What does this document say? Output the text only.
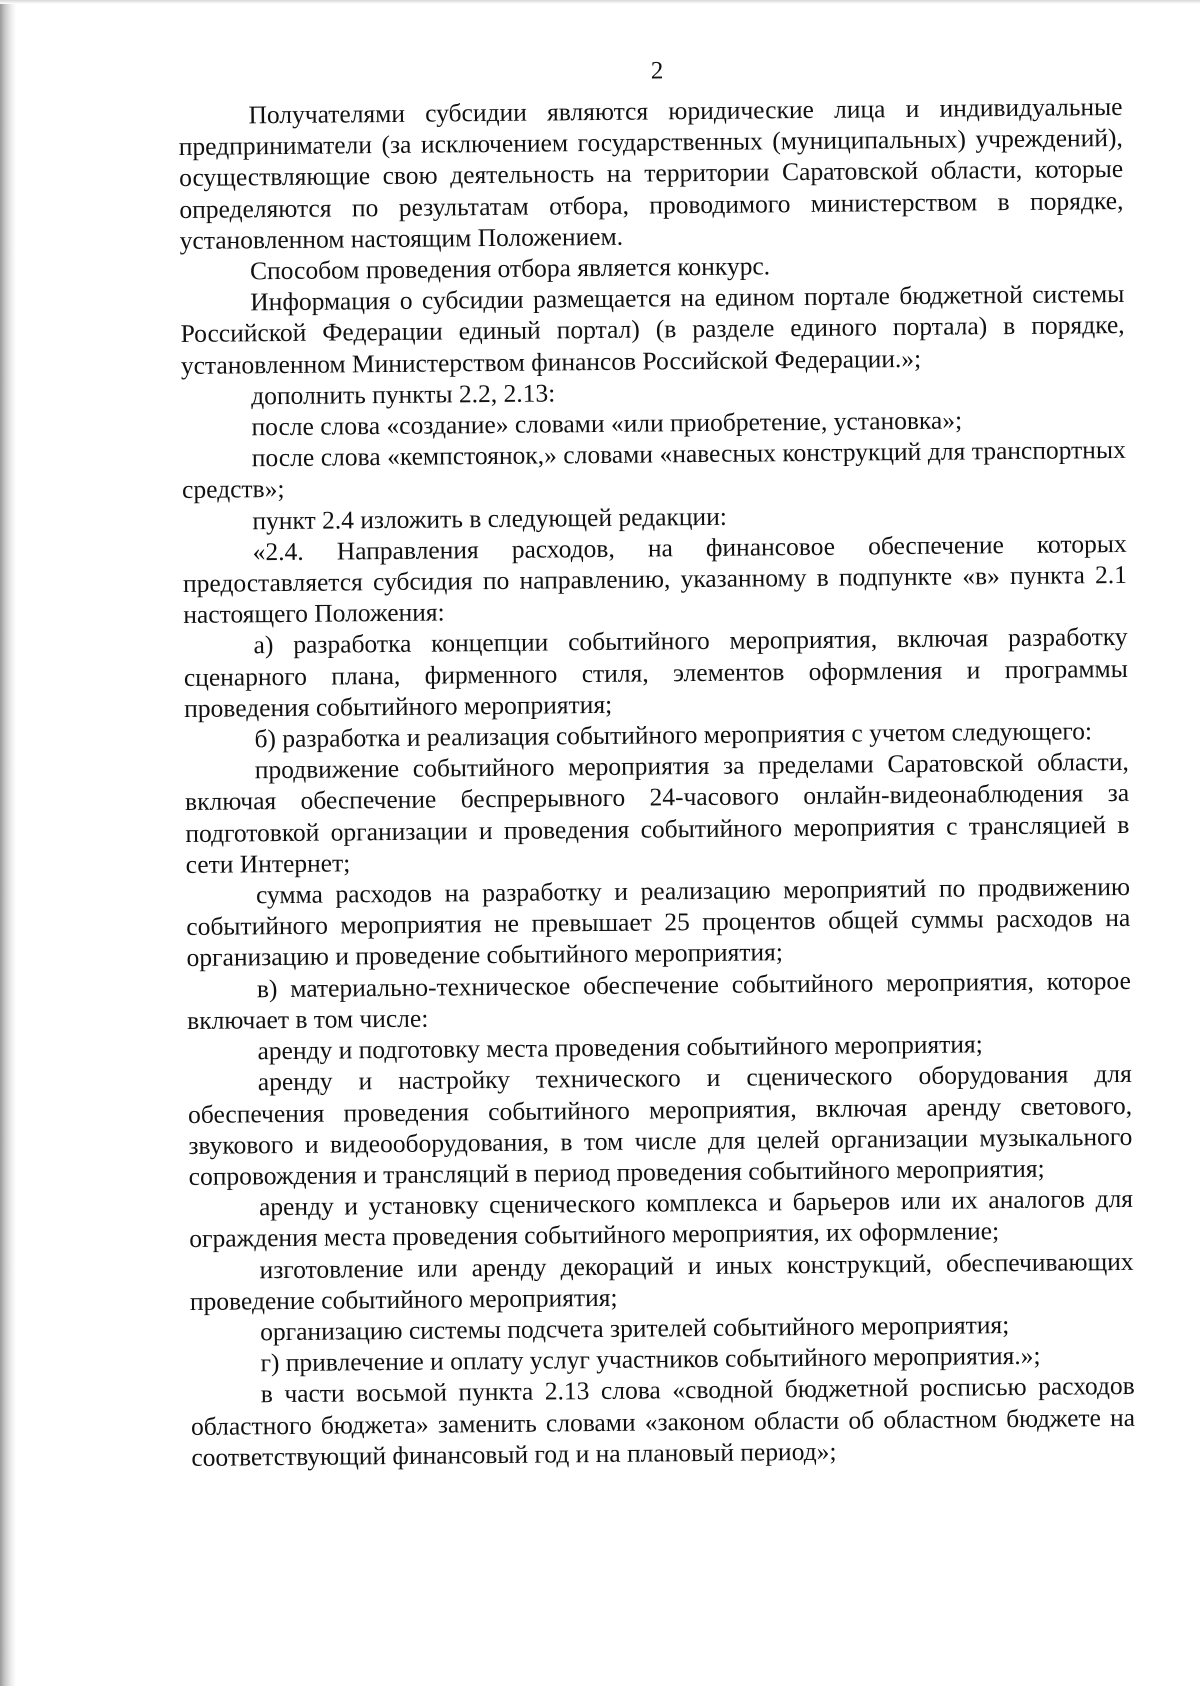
2

Получателями субсидии являются юридические лица и индивидуальные предприниматели (за исключением государственных (муниципальных) учреждений), осуществляющие свою деятельность на территории Саратовской области, которые определяются по результатам отбора, проводимого министерством в порядке, установленном настоящим Положением.

Способом проведения отбора является конкурс.

Информация о субсидии размещается на едином портале бюджетной системы Российской Федерации единый портал) (в разделе единого портала) в порядке, установленном Министерством финансов Российской Федерации.»;

дополнить пункты 2.2, 2.13:

после слова «создание» словами «или приобретение, установка»;

после слова «кемпстоянок,» словами «навесных конструкций для транспортных средств»;

пункт 2.4 изложить в следующей редакции:

«2.4. Направления расходов, на финансовое обеспечение которых предоставляется субсидия по направлению, указанному в подпункте «в» пункта 2.1 настоящего Положения:

а) разработка концепции событийного мероприятия, включая разработку сценарного плана, фирменного стиля, элементов оформления и программы проведения событийного мероприятия;

б) разработка и реализация событийного мероприятия с учетом следующего:

продвижение событийного мероприятия за пределами Саратовской области, включая обеспечение беспрерывного 24-часового онлайн-видеонаблюдения за подготовкой организации и проведения событийного мероприятия с трансляцией в сети Интернет;

сумма расходов на разработку и реализацию мероприятий по продвижению событийного мероприятия не превышает 25 процентов общей суммы расходов на организацию и проведение событийного мероприятия;

в) материально-техническое обеспечение событийного мероприятия, которое включает в том числе:

аренду и подготовку места проведения событийного мероприятия;

аренду и настройку технического и сценического оборудования для обеспечения проведения событийного мероприятия, включая аренду светового, звукового и видеооборудования, в том числе для целей организации музыкального сопровождения и трансляций в период проведения событийного мероприятия;

аренду и установку сценического комплекса и барьеров или их аналогов для ограждения места проведения событийного мероприятия, их оформление;

изготовление или аренду декораций и иных конструкций, обеспечивающих проведение событийного мероприятия;

организацию системы подсчета зрителей событийного мероприятия;

г) привлечение и оплату услуг участников событийного мероприятия.»;

в части восьмой пункта 2.13 слова «сводной бюджетной росписью расходов областного бюджета» заменить словами «законом области об областном бюджете на соответствующий финансовый год и на плановый период»;
